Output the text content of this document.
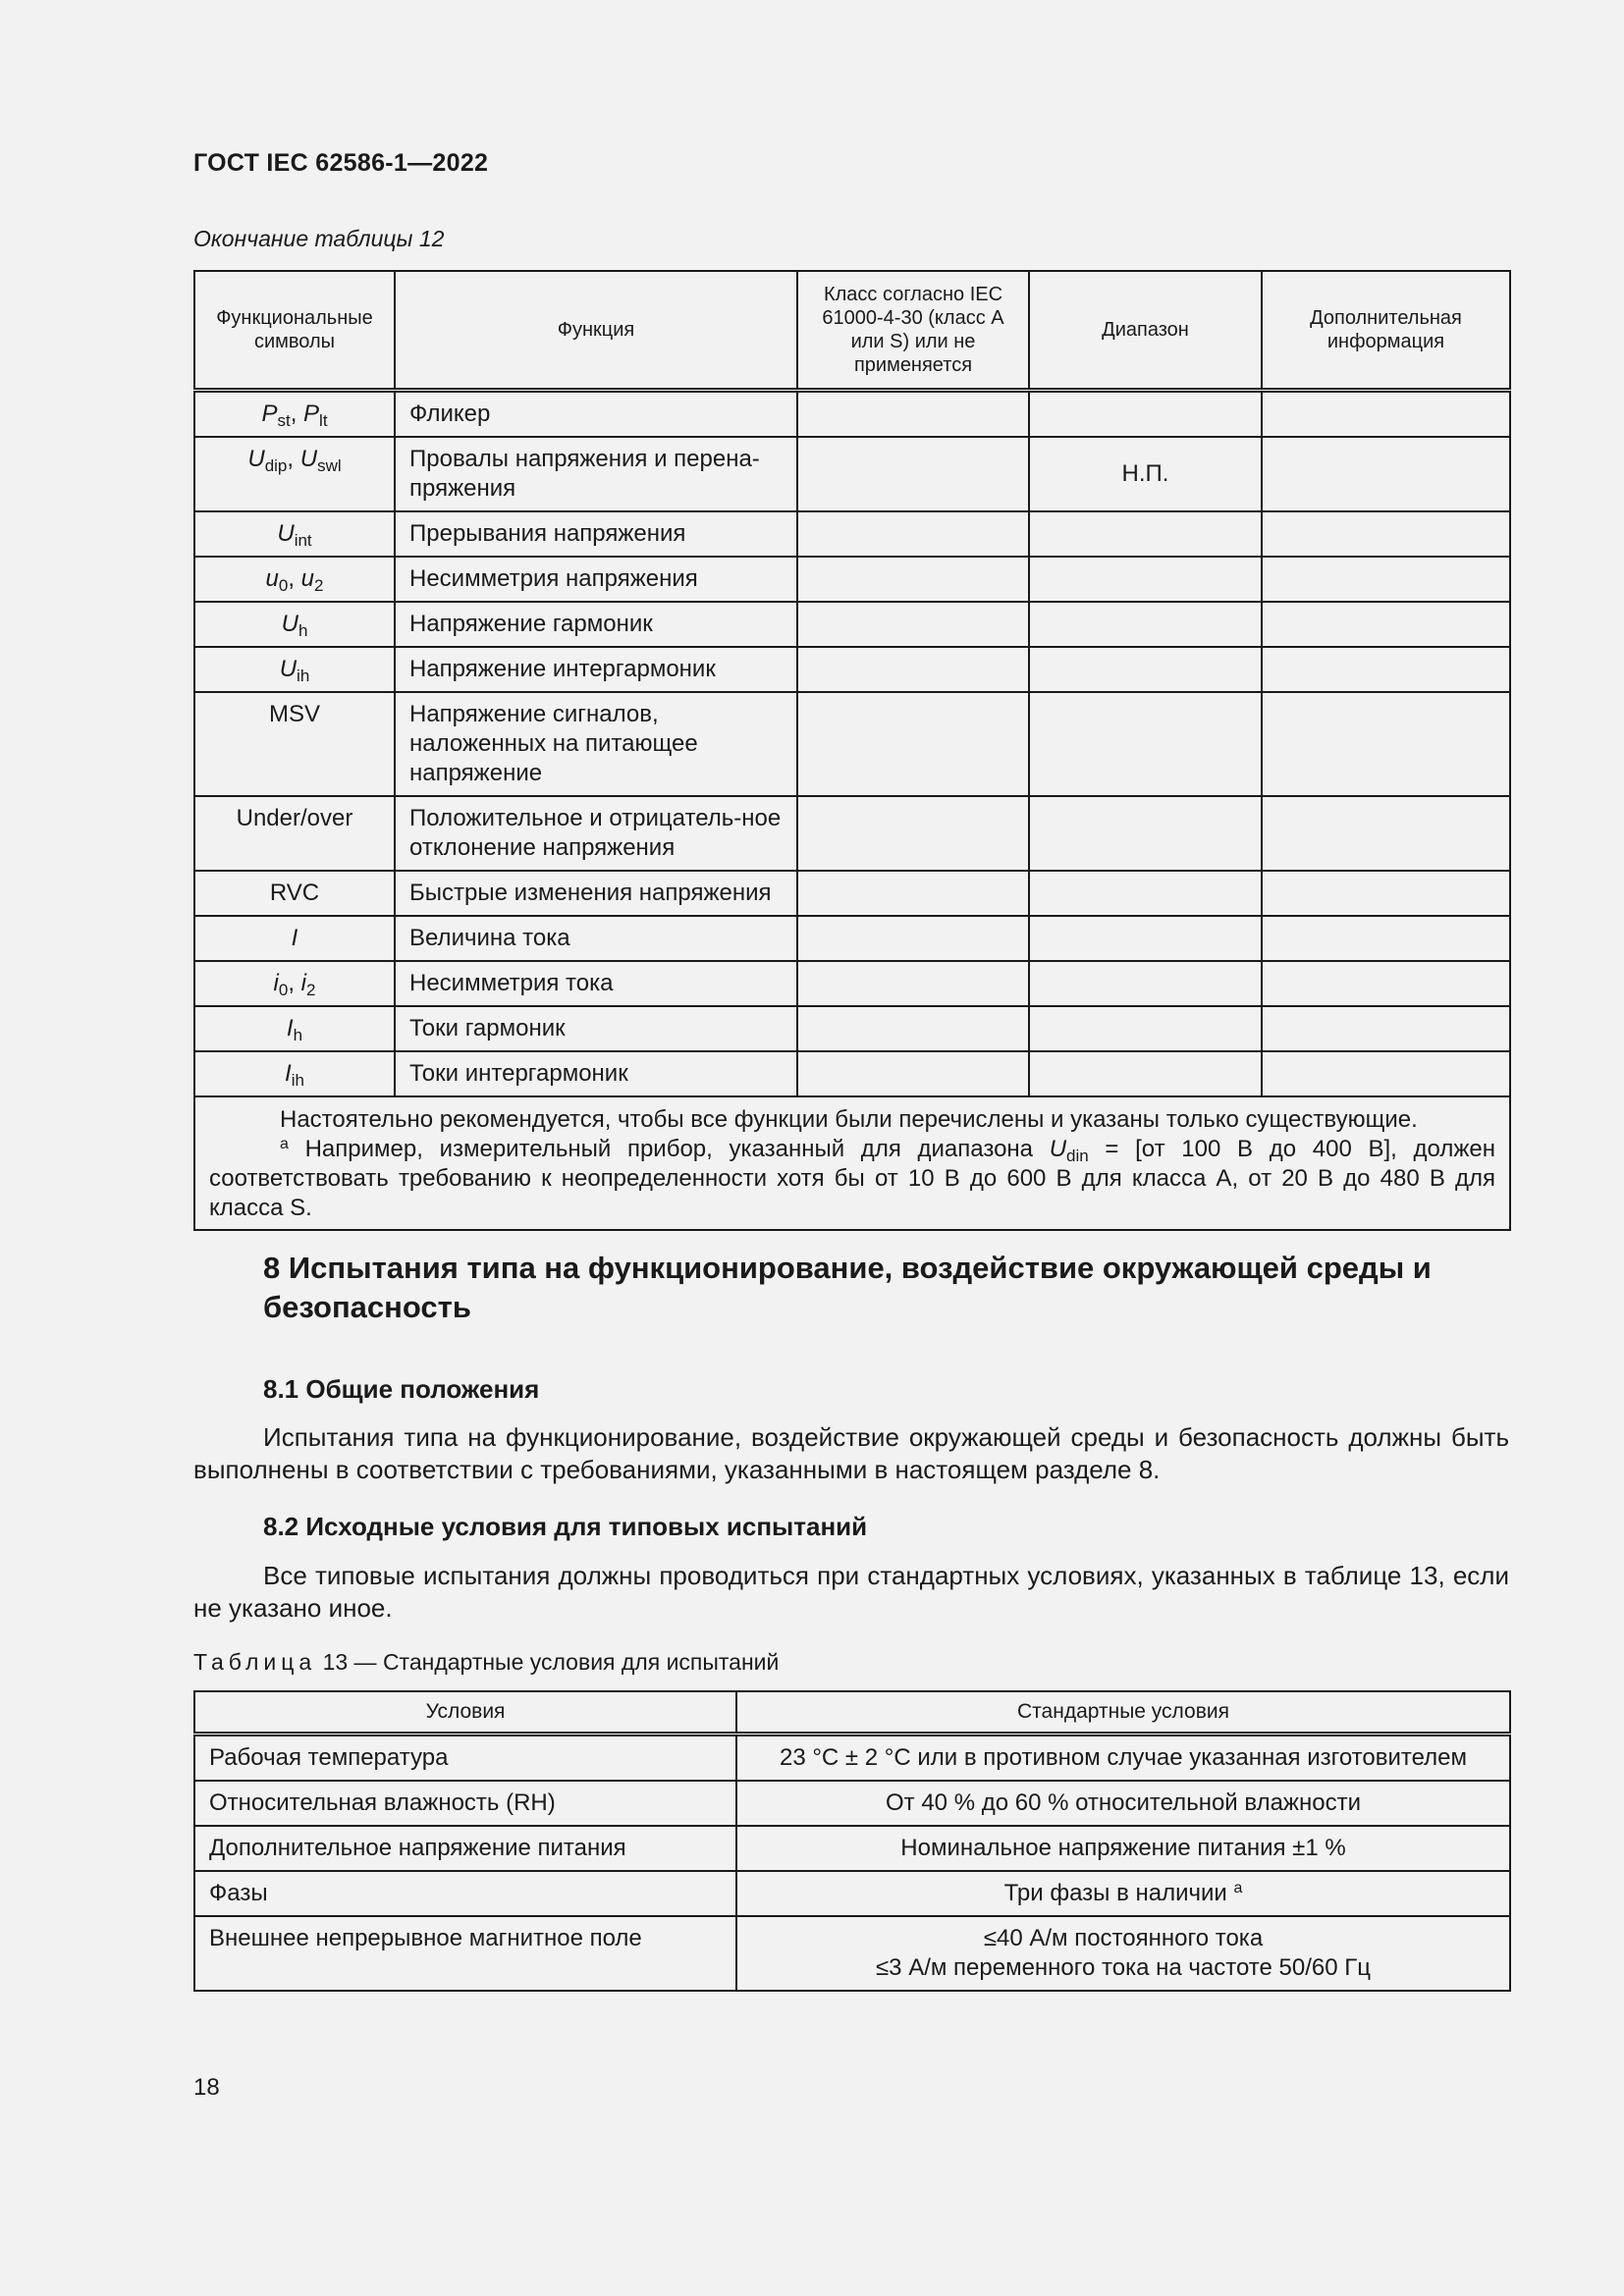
ГОСТ IEC 62586-1—2022
Окончание таблицы 12
Функциональные символы	Функция	Класс согласно IEC 61000-4-30 (класс А или S) или не применяется	Диапазон	Дополнительная информация
$P_{st}$, $P_{lt}$	Фликер			
$U_{dip}$, $U_{swl}$	Провалы напряжения и перена-пряжения		Н.П.	
$U_{int}$	Прерывания напряжения			
$u_0$, $u_2$	Несимметрия напряжения			
$U_h$	Напряжение гармоник			
$U_{ih}$	Напряжение интергармоник			
MSV	Напряжение сигналов, наложенных на питающее напряжение			
Under/over	Положительное и отрицатель-ное отклонение напряжения			
RVC	Быстрые изменения напряжения			
I	Величина тока			
$i_0$, $i_2$	Несимметрия тока			
$I_h$	Токи гармоник			
$I_{ih}$	Токи интергармоник			

Настоятельно рекомендуется, чтобы все функции были перечислены и указаны только существующие.
$^а$ Например, измерительный прибор, указанный для диапазона $U_{din} = [от$ 100 В до 400 В], должен соответствовать требованию к неопределенности хотя бы от 10 В до 600 В для класса А, от 20 В до 480 В для класса S.				
8 Испытания типа на функционирование, воздействие окружающей среды и безопасность
8.1 Общие положения
Испытания типа на функционирование, воздействие окружающей среды и безопасность должны быть выполнены в соответствии с требованиями, указанными в настоящем разделе 8.
8.2 Исходные условия для типовых испытаний
Все типовые испытания должны проводиться при стандартных условиях, указанных в таблице 13, если не указано иное.
Таблица 13 — Стандартные условия для испытаний
Условия	Стандартные условия
Рабочая температура	23 °C ± 2 °C или в противном случае указанная изготовителем
Относительная влажность (RH)	От 40 % до 60 % относительной влажности
Дополнительное напряжение питания	Номинальное напряжение питания ±1 %
Фазы	Три фазы в наличии $^а$
Внешнее непрерывное магнитное поле	≤40 А/м постоянного тока
≤3 А/м переменного тока на частоте 50/60 Гц
18
